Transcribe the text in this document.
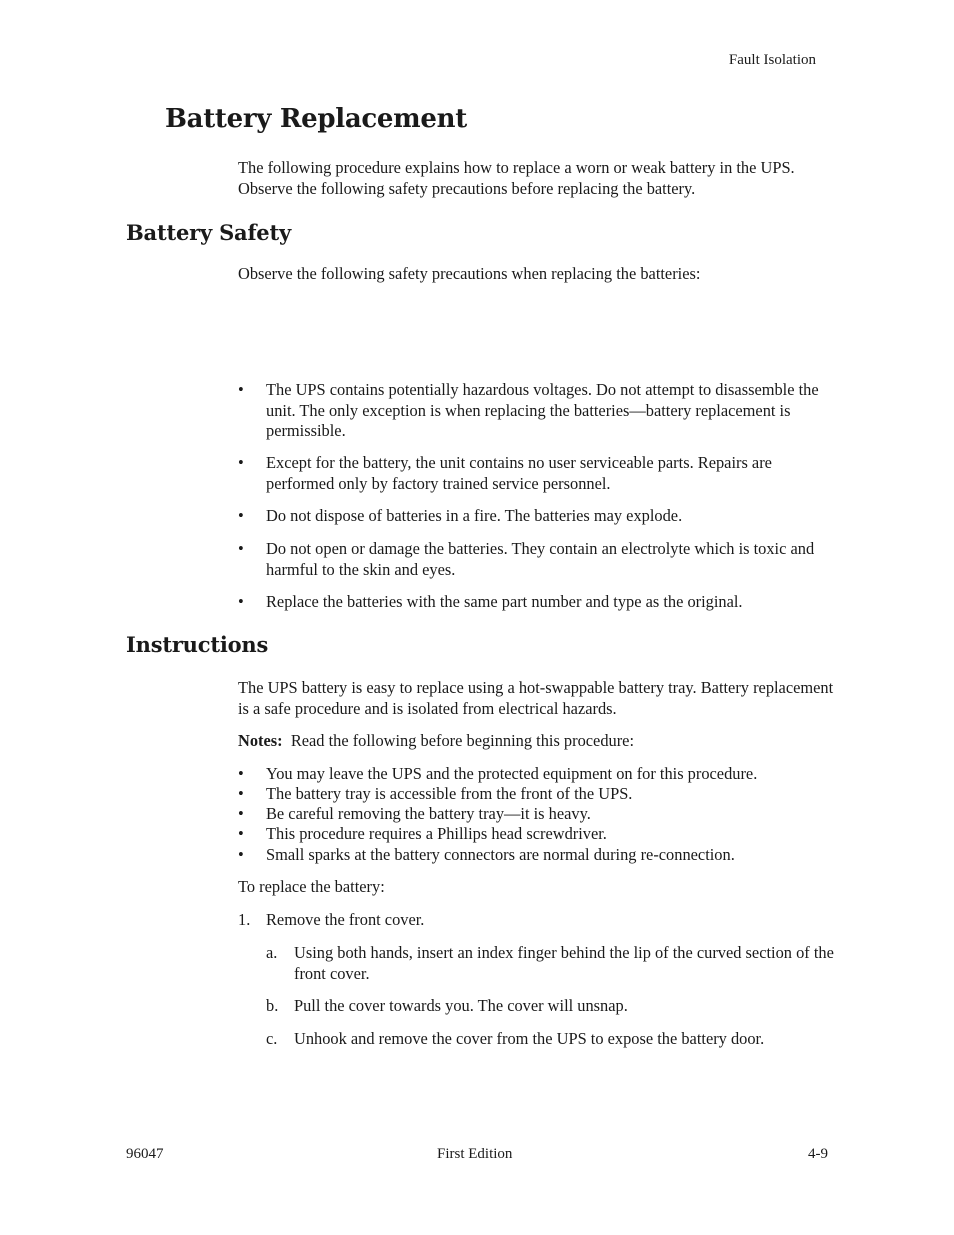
Fault Isolation
Battery Replacement

The following procedure explains how to replace a worn or weak battery in the UPS. Observe the following safety precautions before replacing the battery.

Battery Safety

Observe the following safety precautions when replacing the batteries:

•	The UPS contains potentially hazardous voltages. Do not attempt to disassemble the unit. The only exception is when replacing the batteries—battery replacement is permissible.
•	Except for the battery, the unit contains no user serviceable parts. Repairs are performed only by factory trained service personnel.
•	Do not dispose of batteries in a fire. The batteries may explode.
•	Do not open or damage the batteries. They contain an electrolyte which is toxic and harmful to the skin and eyes.
•	Replace the batteries with the same part number and type as the original.
Instructions

The UPS battery is easy to replace using a hot-swappable battery tray. Battery replacement is a safe procedure and is isolated from electrical hazards.

Notes: Read the following before beginning this procedure:

•	You may leave the UPS and the protected equipment on for this procedure.
•	The battery tray is accessible from the front of the UPS.
•	Be careful removing the battery tray—it is heavy.
•	This procedure requires a Phillips head screwdriver.
•	Small sparks at the battery connectors are normal during re-connection.

To replace the battery:

1. Remove the front cover.
a. Using both hands, insert an index finger behind the lip of the curved section of the front cover.
b. Pull the cover towards you. The cover will unsnap.
c. Unhook and remove the cover from the UPS to expose the battery door.
96047	First Edition	4-9
